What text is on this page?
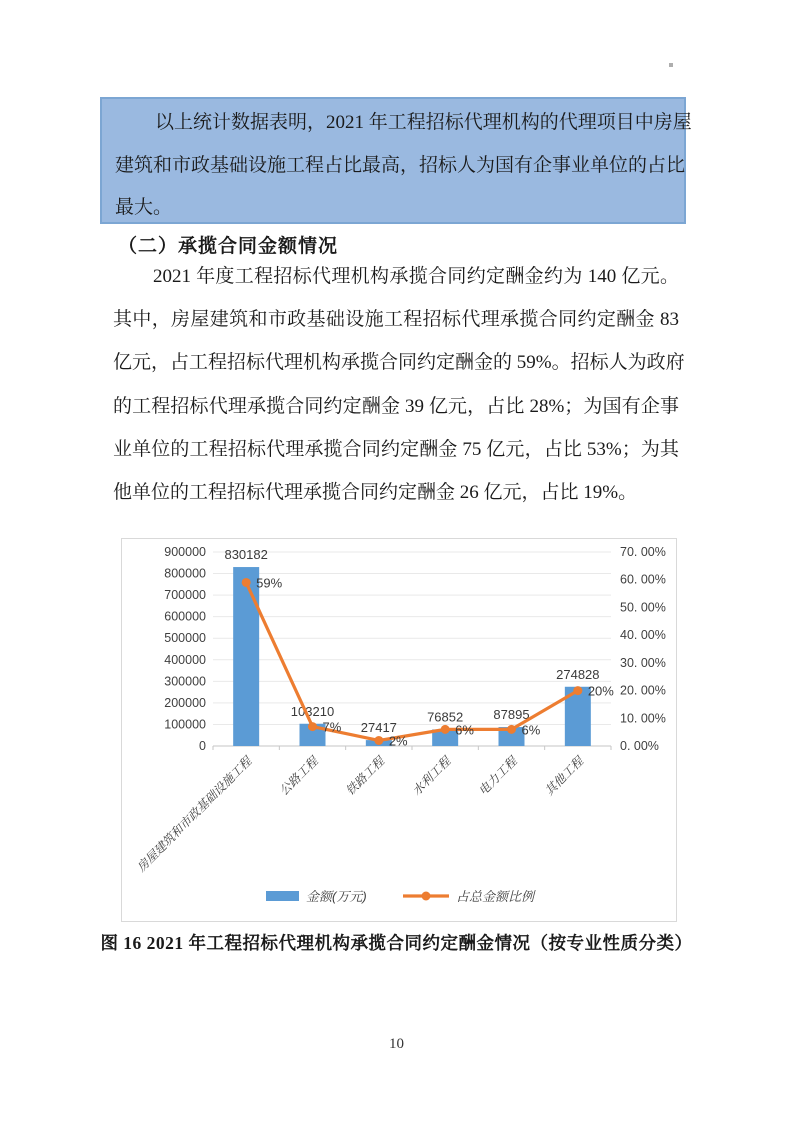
以上统计数据表明，2021 年工程招标代理机构的代理项目中房屋
建筑和市政基础设施工程占比最高，招标人为国有企事业单位的占比
最大。
（二）承揽合同金额情况
2021 年度工程招标代理机构承揽合同约定酬金约为 140 亿元。
其中，房屋建筑和市政基础设施工程招标代理承揽合同约定酬金 83
亿元，占工程招标代理机构承揽合同约定酬金的 59%。招标人为政府
的工程招标代理承揽合同约定酬金 39 亿元，占比 28%；为国有企事
业单位的工程招标代理承揽合同约定酬金 75 亿元，占比 53%；为其
他单位的工程招标代理承揽合同约定酬金 26 亿元，占比 19%。
0
100000
200000
300000
400000
500000
600000
700000
800000
900000
0. 00%
10. 00%
20. 00%
30. 00%
40. 00%
50. 00%
60. 00%
70. 00%
830182
103210
27417
76852 87895
274828
59%
7%
2%
6%	6%
20%
房屋建筑和市政基础设施工程 公路工程 铁路工程 水利工程 电力工程 其他工程
金额(万元)	占总金额比例
图 16 2021 年工程招标代理机构承揽合同约定酬金情况（按专业性质分类）
10
